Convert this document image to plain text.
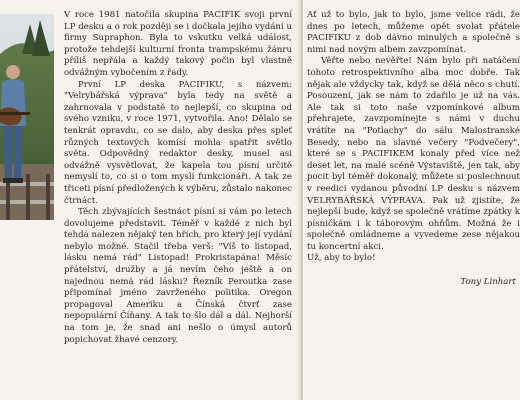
V roce 1981 natočila skupina PACIFIK svoji první LP desku a o rok později se i dočkala jejího vydání u firmy Supraphon. Byla to vskutku velká událost, protože tehdejší kulturní fronta trampskému žánru příliš nepřála a každý takový počin byl vlastně odvážným vybočením z řady.

První LP deska PACIFIKU, s názvem: "Velrybářská výprava" byla tedy na světě a zahrnovala v podstatě to nejlepší, co skupina od svého vzniku, v roce 1971, vytvořila. Ano! Dělalo se tenkrát opravdu, co se dalo, aby deska přes spleť různých textových komisí mohla spatřit světlo světa. Odpovědný redaktor desky, musel asi odvážně vysvětlovat, že kapela tou písní určitě nemyslí to, co si o tom myslí funkcionáři. A tak ze třiceti písní předložených k výběru, zůstalo nakonec čtrnáct.

Těch zbývajících šestnáct písní si vám po letech dovolujeme představit. Téměř v každé z nich byl tehdá nalezen nějaký ten hřích, pro který její vydání nebylo možné. Stačil třeba verš: "Víš to listopad, lásku nemá rád" Listopad! Prokristapána! Měsíc přátelství, družby a já nevím čeho ještě a on najednou nemá rád lásku? Řezník Peroutka zase připomínal jméno zavrženého politika. Oregon propagoval Ameriku a Čínská čtvrť zase nepopulární Číňany. A tak to šlo dál a dál. Nejhorší na tom je, že snad ani nešlo o úmysl autorů popichovat žhavé cenzory.

Ať už to bylo, jak to bylo, jsme velice rádi, že dnes po letech, můžeme opět svolat přátele PACIFIKU z dob dávno minulých a společně s nimi nad novým albem zavzpomínat.

Věřte nebo nevěřte! Nám bylo při natáčení tohoto retrospektivního alba moc dobře. Tak nějak ale vždycky tak, když se dělá něco s chutí. Posouzení, jak se nám to zdařilo je už na vás. Ale tak si toto naše vzpomínkové album přehrajete, zavzpomínejte s námi v duchu vrátíte na "Potlachy" do sálu Malostranské Besedy, nebo na slavné večery "Podvečery", které se s PACIFIKEM konaly před více než deset let, na malé scéně Výstaviště, jen tak, aby pocit byl téměř dokonalý, můžete si poslechnout v reedici vydanou původní LP desku s názvem VELRYBÁŘSKÁ VÝPRAVA. Pak už zjistíte, že nejlepší bude, když se společně vrátíme zpátky k písničkám i k táborovým ohňům. Možná že i společně omládneme a vyvedeme zese nějakou tu koncertní akci.

Už, aby to bylo!

Tony Linhart
